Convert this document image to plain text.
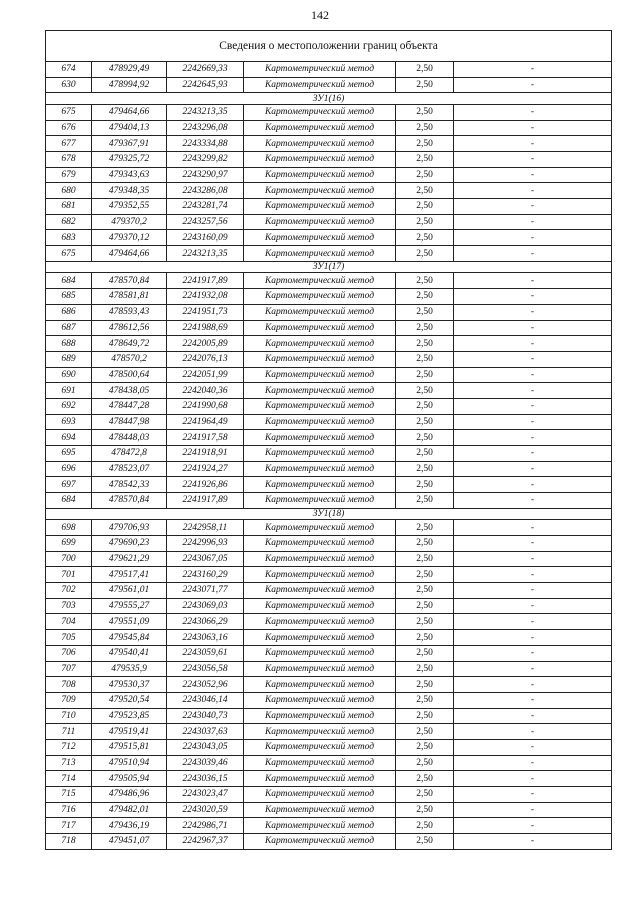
142
Сведения о местоположении границ объекта					
674	478929,49	2242669,33	Картометрический метод	2,50	-
630	478994,92	2242645,93	Картометрический метод	2,50	-
ЗУ1(16)					
675	479464,66	2243213,35	Картометрический метод	2,50	-
676	479404,13	2243296,08	Картометрический метод	2,50	-
677	479367,91	2243334,88	Картометрический метод	2,50	-
678	479325,72	2243299,82	Картометрический метод	2,50	-
679	479343,63	2243290,97	Картометрический метод	2,50	-
680	479348,35	2243286,08	Картометрический метод	2,50	-
681	479352,55	2243281,74	Картометрический метод	2,50	-
682	479370,2	2243257,56	Картометрический метод	2,50	-
683	479370,12	2243160,09	Картометрический метод	2,50	-
675	479464,66	2243213,35	Картометрический метод	2,50	-
ЗУ1(17)					
684	478570,84	2241917,89	Картометрический метод	2,50	-
685	478581,81	2241932,08	Картометрический метод	2,50	-
686	478593,43	2241951,73	Картометрический метод	2,50	-
687	478612,56	2241988,69	Картометрический метод	2,50	-
688	478649,72	2242005,89	Картометрический метод	2,50	-
689	478570,2	2242076,13	Картометрический метод	2,50	-
690	478500,64	2242051,99	Картометрический метод	2,50	-
691	478438,05	2242040,36	Картометрический метод	2,50	-
692	478447,28	2241990,68	Картометрический метод	2,50	-
693	478447,98	2241964,49	Картометрический метод	2,50	-
694	478448,03	2241917,58	Картометрический метод	2,50	-
695	478472,8	2241918,91	Картометрический метод	2,50	-
696	478523,07	2241924,27	Картометрический метод	2,50	-
697	478542,33	2241926,86	Картометрический метод	2,50	-
684	478570,84	2241917,89	Картометрический метод	2,50	-
ЗУ1(18)					
698	479706,93	2242958,11	Картометрический метод	2,50	-
699	479690,23	2242996,93	Картометрический метод	2,50	-
700	479621,29	2243067,05	Картометрический метод	2,50	-
701	479517,41	2243160,29	Картометрический метод	2,50	-
702	479561,01	2243071,77	Картометрический метод	2,50	-
703	479555,27	2243069,03	Картометрический метод	2,50	-
704	479551,09	2243066,29	Картометрический метод	2,50	-
705	479545,84	2243063,16	Картометрический метод	2,50	-
706	479540,41	2243059,61	Картометрический метод	2,50	-
707	479535,9	2243056,58	Картометрический метод	2,50	-
708	479530,37	2243052,96	Картометрический метод	2,50	-
709	479520,54	2243046,14	Картометрический метод	2,50	-
710	479523,85	2243040,73	Картометрический метод	2,50	-
711	479519,41	2243037,63	Картометрический метод	2,50	-
712	479515,81	2243043,05	Картометрический метод	2,50	-
713	479510,94	2243039,46	Картометрический метод	2,50	-
714	479505,94	2243036,15	Картометрический метод	2,50	-
715	479486,96	2243023,47	Картометрический метод	2,50	-
716	479482,01	2243020,59	Картометрический метод	2,50	-
717	479436,19	2242986,71	Картометрический метод	2,50	-
718	479451,07	2242967,37	Картометрический метод	2,50	-
